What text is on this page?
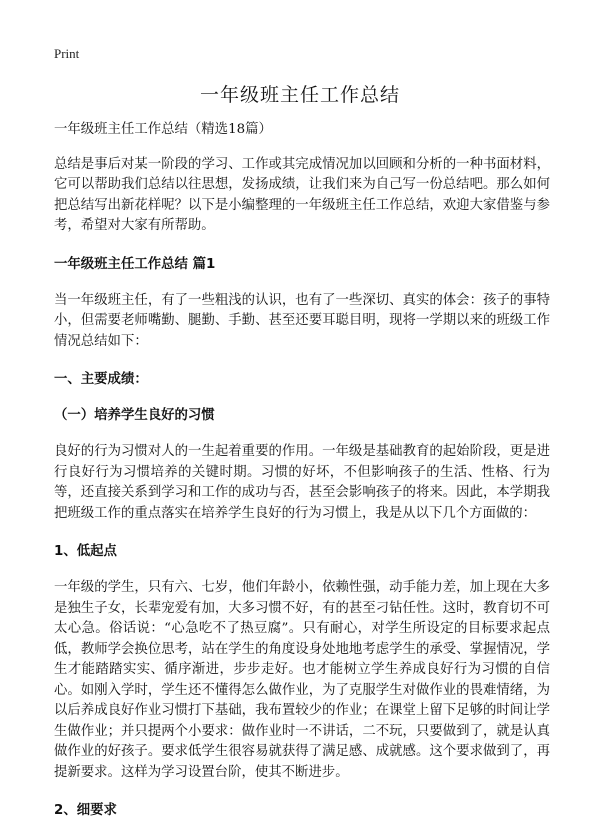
Print
一年级班主任工作总结

一年级班主任工作总结（精选18篇）

总结是事后对某一阶段的学习、工作或其完成情况加以回顾和分析的一种书面材料，它可以帮助我们总结以往思想，发扬成绩，让我们来为自己写一份总结吧。那么如何把总结写出新花样呢？以下是小编整理的一年级班主任工作总结，欢迎大家借鉴与参考，希望对大家有所帮助。

一年级班主任工作总结 篇1

当一年级班主任，有了一些粗浅的认识，也有了一些深切、真实的体会：孩子的事特小，但需要老师嘴勤、腿勤、手勤、甚至还要耳聪目明，现将一学期以来的班级工作情况总结如下：

一、主要成绩：
（一）培养学生良好的习惯

良好的行为习惯对人的一生起着重要的作用。一年级是基础教育的起始阶段，更是进行良好行为习惯培养的关键时期。习惯的好坏，不但影响孩子的生活、性格、行为等，还直接关系到学习和工作的成功与否，甚至会影响孩子的将来。因此，本学期我把班级工作的重点落实在培养学生良好的行为习惯上，我是从以下几个方面做的：

1、低起点

一年级的学生，只有六、七岁，他们年龄小，依赖性强，动手能力差，加上现在大多是独生子女，长辈宠爱有加，大多习惯不好，有的甚至刁钻任性。这时，教育切不可太心急。俗话说：“心急吃不了热豆腐”。只有耐心，对学生所设定的目标要求起点低，教师学会换位思考，站在学生的角度设身处地地考虑学生的承受、掌握情况，学生才能踏踏实实、循序渐进，步步走好。也才能树立学生养成良好行为习惯的自信心。如刚入学时，学生还不懂得怎么做作业，为了克服学生对做作业的畏难情绪，为以后养成良好作业习惯打下基础，我布置较少的作业；在课堂上留下足够的时间让学生做作业；并只提两个小要求：做作业时一不讲话，二不玩，只要做到了，就是认真做作业的好孩子。要求低学生很容易就获得了满足感、成就感。这个要求做到了，再提新要求。这样为学习设置台阶，使其不断进步。

2、细要求
